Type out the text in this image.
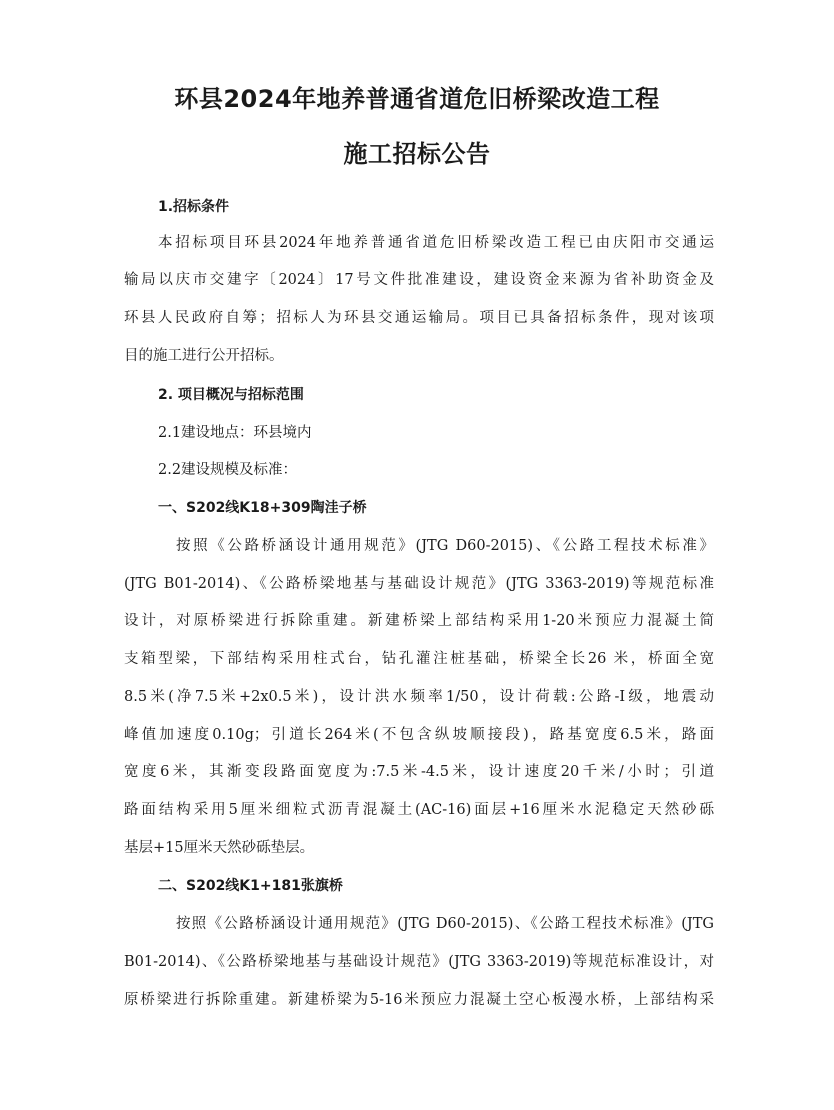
环县2024年地养普通省道危旧桥梁改造工程
施工招标公告
1.招标条件
本招标项目环县2024年地养普通省道危旧桥梁改造工程已由庆阳市交通运
输局以庆市交建字〔2024〕17号文件批准建设，建设资金来源为省补助资金及
环县人民政府自筹；招标人为环县交通运输局。项目已具备招标条件，现对该项
目的施工进行公开招标。
2. 项目概况与招标范围
2.1建设地点：环县境内
2.2建设规模及标准：
一、S202线K18+309陶洼子桥
按照《公路桥涵设计通用规范》(JTG D60-2015)、《公路工程技术标准》
(JTG B01-2014)、《公路桥梁地基与基础设计规范》(JTG 3363-2019)等规范标准
设计，对原桥梁进行拆除重建。新建桥梁上部结构采用1-20米预应力混凝土简
支箱型梁，下部结构采用柱式台，钻孔灌注桩基础，桥梁全长26 米，桥面全宽
8.5米(净7.5米+2x0.5米)，设计洪水频率1/50，设计荷载:公路-I级，地震动
峰值加速度0.10g；引道长264米(不包含纵坡顺接段)，路基宽度6.5米，路面
宽度6米，其渐变段路面宽度为:7.5米-4.5米，设计速度20千米/小时；引道
路面结构采用5厘米细粒式沥青混凝土(AC-16)面层+16厘米水泥稳定天然砂砾
基层+15厘米天然砂砾垫层。
二、S202线K1+181张旗桥
按照《公路桥涵设计通用规范》(JTG D60-2015)、《公路工程技术标准》(JTG
B01-2014)、《公路桥梁地基与基础设计规范》(JTG 3363-2019)等规范标准设计，对
原桥梁进行拆除重建。新建桥梁为5-16米预应力混凝土空心板漫水桥，上部结构采
